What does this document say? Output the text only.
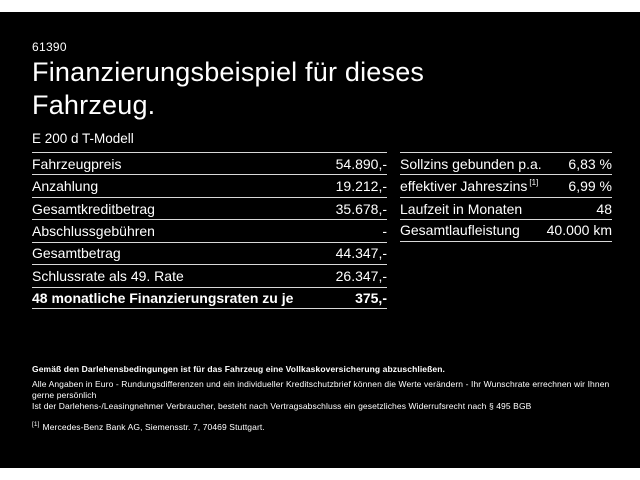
61390
Finanzierungsbeispiel für dieses
Fahrzeug.
E 200 d T-Modell
Fahrzeugpreis	54.890,-
Anzahlung	19.212,-
Gesamtkreditbetrag	35.678,-
Abschlussgebühren	-
Gesamtbetrag	44.347,-
Schlussrate als 49. Rate	26.347,-
48 monatliche Finanzierungsraten zu je	375,-
Sollzins gebunden p.a. 6,83 %
effektiver Jahreszins [1] 6,99 %
Laufzeit in Monaten	48
Gesamtlaufleistung 40.000 km

Gemäß den Darlehensbedingungen ist für das Fahrzeug eine Vollkaskoversicherung abzuschließen.

Alle Angaben in Euro - Rundungsdifferenzen und ein individueller Kreditschutzbrief können die Werte verändern - Ihr Wunschrate errechnen wir Ihnen gerne persönlich

Ist der Darlehens-/Leasingnehmer Verbraucher, besteht nach Vertragsabschluss ein gesetzliches Widerrufsrecht nach § 495 BGB

[1] Mercedes-Benz Bank AG, Siemensstr. 7, 70469 Stuttgart.
